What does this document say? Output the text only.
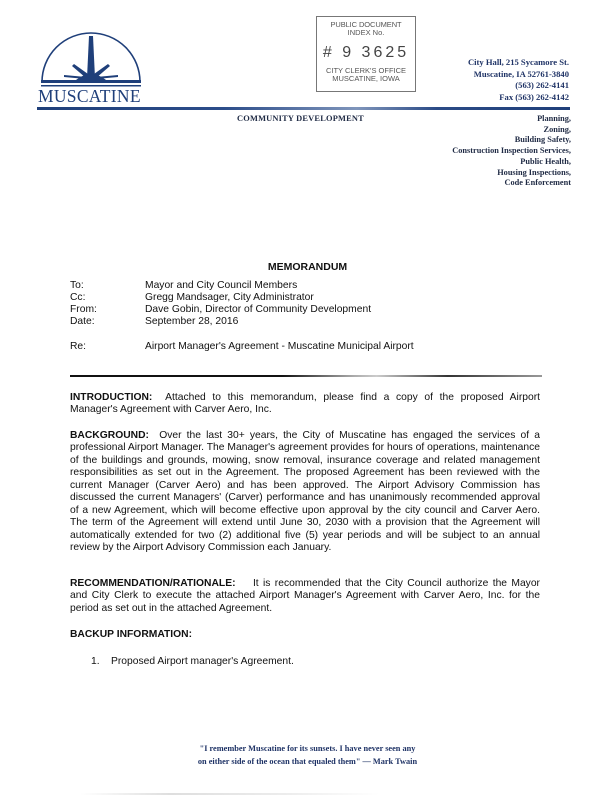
MUSCATINE
PUBLIC DOCUMENT
INDEX No.
# 9 3625
CITY CLERK'S OFFICE
MUSCATINE, IOWA
City Hall, 215 Sycamore St.
Muscatine, IA 52761-3840
(563) 262-4141
Fax (563) 262-4142
COMMUNITY DEVELOPMENT	Planning,
Zoning,
Building Safety,
Construction Inspection Services,
Public Health,
Housing Inspections,
Code Enforcement
MEMORANDUM
To:	Mayor and City Council Members
Cc:	Gregg Mandsager, City Administrator
From:	Dave Gobin, Director of Community Development
Date:	September 28, 2016
Re:	Airport Manager's Agreement - Muscatine Municipal Airport
INTRODUCTION: Attached to this memorandum, please find a copy of the proposed Airport Manager's Agreement with Carver Aero, Inc.
BACKGROUND: Over the last 30+ years, the City of Muscatine has engaged the services of a professional Airport Manager. The Manager's agreement provides for hours of operations, maintenance of the buildings and grounds, mowing, snow removal, insurance coverage and related management responsibilities as set out in the Agreement. The proposed Agreement has been reviewed with the current Manager (Carver Aero) and has been approved. The Airport Advisory Commission has discussed the current Managers' (Carver) performance and has unanimously recommended approval of a new Agreement, which will become effective upon approval by the city council and Carver Aero. The term of the Agreement will extend until June 30, 2030 with a provision that the Agreement will automatically extended for two (2) additional five (5) year periods and will be subject to an annual review by the Airport Advisory Commission each January.
RECOMMENDATION/RATIONALE: It is recommended that the City Council authorize the Mayor and City Clerk to execute the attached Airport Manager's Agreement with Carver Aero, Inc. for the period as set out in the attached Agreement.
BACKUP INFORMATION:
1. Proposed Airport manager's Agreement.
"I remember Muscatine for its sunsets. I have never seen any
on either side of the ocean that equaled them" — Mark Twain
